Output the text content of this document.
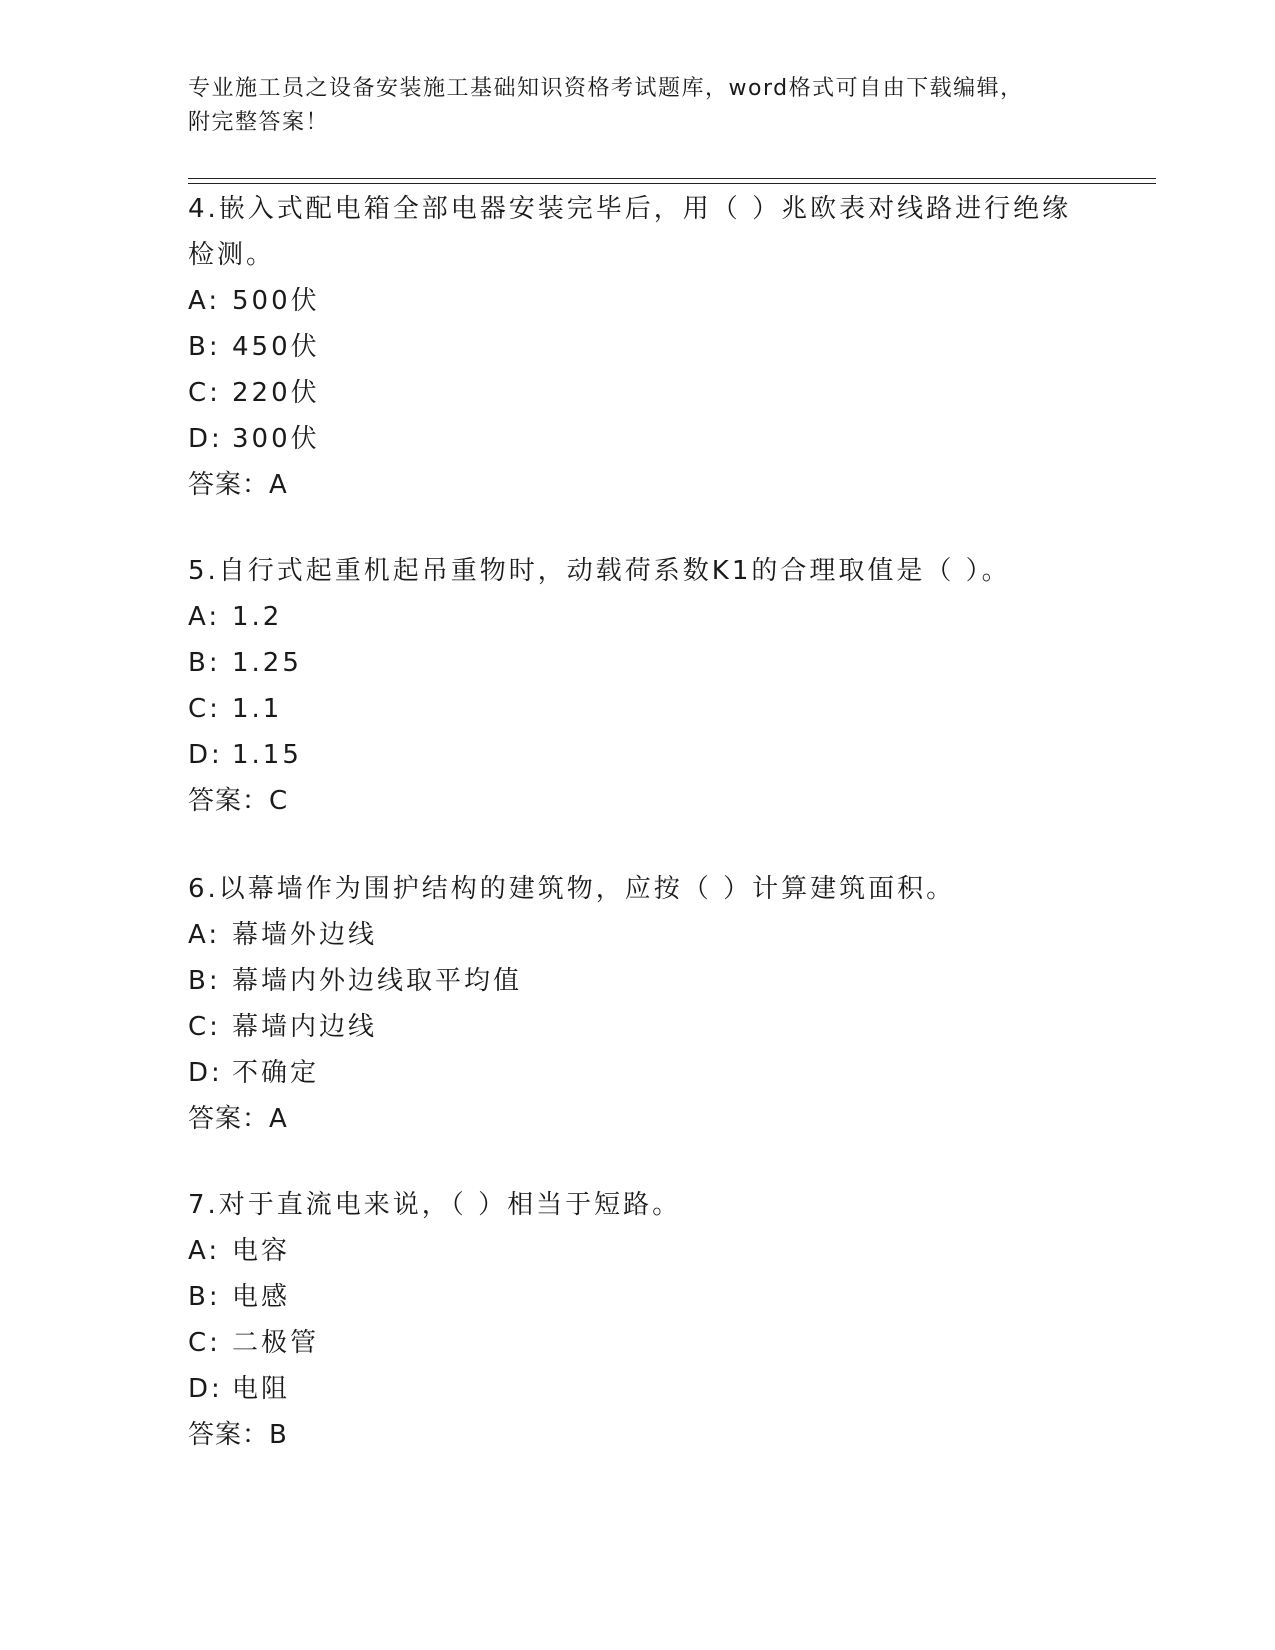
专业施工员之设备安装施工基础知识资格考试题库，word格式可自由下载编辑，
附完整答案！
4.嵌入式配电箱全部电器安装完毕后，用（ ）兆欧表对线路进行绝缘检测。
A: 500伏
B: 450伏
C: 220伏
D: 300伏
答案：A
5.自行式起重机起吊重物时，动载荷系数K1的合理取值是（ ）。
A: 1.2
B: 1.25
C: 1.1
D: 1.15
答案：C
6.以幕墙作为围护结构的建筑物，应按（ ）计算建筑面积。
A: 幕墙外边线
B: 幕墙内外边线取平均值
C: 幕墙内边线
D: 不确定
答案：A
7.对于直流电来说，（ ）相当于短路。
A: 电容
B: 电感
C: 二极管
D: 电阻
答案：B
